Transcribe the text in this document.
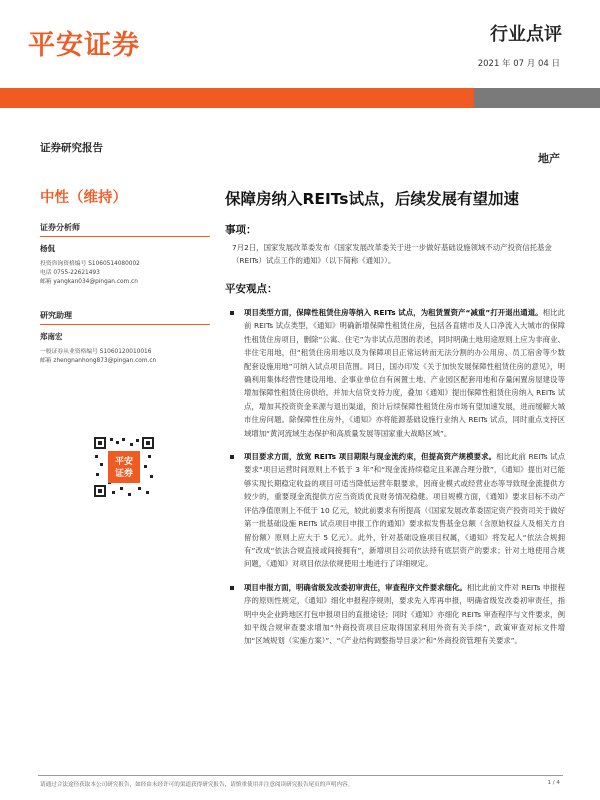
平安证券	行业点评
2021 年 07 月 04 日
证券研究报告
中性（维持）
证券分析师
杨侃
投资咨询资格编号 S1060514080002
电话 0755-22621493
邮箱 yangkan034@pingan.com.cn
研究助理
郑南宏
一般证券从业资格编号 S1060120010016
邮箱 zhengnanhong873@pingan.com.cn
平安
证券
地产
保障房纳入REITs试点，后续发展有望加速
事项：
7月2日，国家发展改革委发布《国家发展改革委关于进一步做好基础设施领域不动产投资信托基金（REITs）试点工作的通知》（以下简称《通知》）。
平安观点：
项目类型方面，保障性租赁住房等纳入 REITs 试点，为租赁置资产“减重”打开退出通道。相比此前 REITs 试点类型，《通知》明确新增保障性租赁住房，包括各直辖市及人口净流入大城市的保障性租赁住房项目，删除“公寓、住宅”为非试点范围的表述，同时明确土地用途原则上应为非商业、非住宅用地，但“租赁住房用地以及为保障项目正常运转而无法分割的办公用房、员工宿舍等少数配套设施用地”可纳入试点项目范围。同日，国办印发《关于加快发展保障性租赁住房的意见》，明确利用集体经营性建设用地、企事业单位自有闲置土地、产业园区配套用地和存量闲置房屋建设等增加保障性租赁住房供给，并加大信贷支持力度，叠加《通知》提出保障性租赁住房纳入 REITs 试点，增加其投资资金来源与退出渠道，预计后续保障性租赁住房市场有望加速发展，进而缓解大城市住房问题。除保障性住房外，《通知》亦将能源基础设施行业纳入 REITs 试点，同时重点支持区域增加“黄河流域生态保护和高质量发展等国家重大战略区域”。
项目要求方面，放宽 REITs 项目期限与现金流约束，但提高资产规模要求。相比此前 REITs 试点要求“项目运营时间原则上不低于 3 年”和“现金流持续稳定且来源合理分散”，《通知》提出对已能够实现长期稳定收益的项目可适当降低运营年限要求，因商业模式或经营业态等导致现金流提供方较少的，重要现金流提供方应当资质优良财务情况稳健。项目规模方面，《通知》要求目标不动产评估净值原则上不低于 10 亿元，较此前要求有所提高（《国家发展改革委固定资产投资司关于做好第一批基础设施 REITs 试点项目申报工作的通知》要求拟发售基金总额（含原始权益人及相关方自留份额）原则上应大于 5 亿元）。此外，针对基础设施项目权属，《通知》将发起人“依法合规拥有”改成“依法合规直接或间接拥有”，新增项目公司依法持有底层资产的要求；针对土地使用合规问题，《通知》对项目依法依规使用土地进行了详细规定。
项目申报方面，明确省级发改委初审责任，审查程序文件要求细化。相比此前文件对 REITs 申报程序的原则性规定，《通知》细化申报程序规则，要求先入库再申报，明确省级发改委初审责任，指明中央企业跨地区打包申报项目的直报途径；同时《通知》亦细化 REITs 审查程序与文件要求，例如平级合规审查要求增加“外商投资项目应取得国家利用外资有关手续”，政策审查对标文件增加“区域规划（实施方案）”、“《产业结构调整指导目录》”和“外商投资管理有关要求”。
请通过合法途径获取本公司研究报告，如经由未经许可的渠道获得研究报告，请慎重使用并注意阅读研究报告尾页的声明内容。	1 / 4
